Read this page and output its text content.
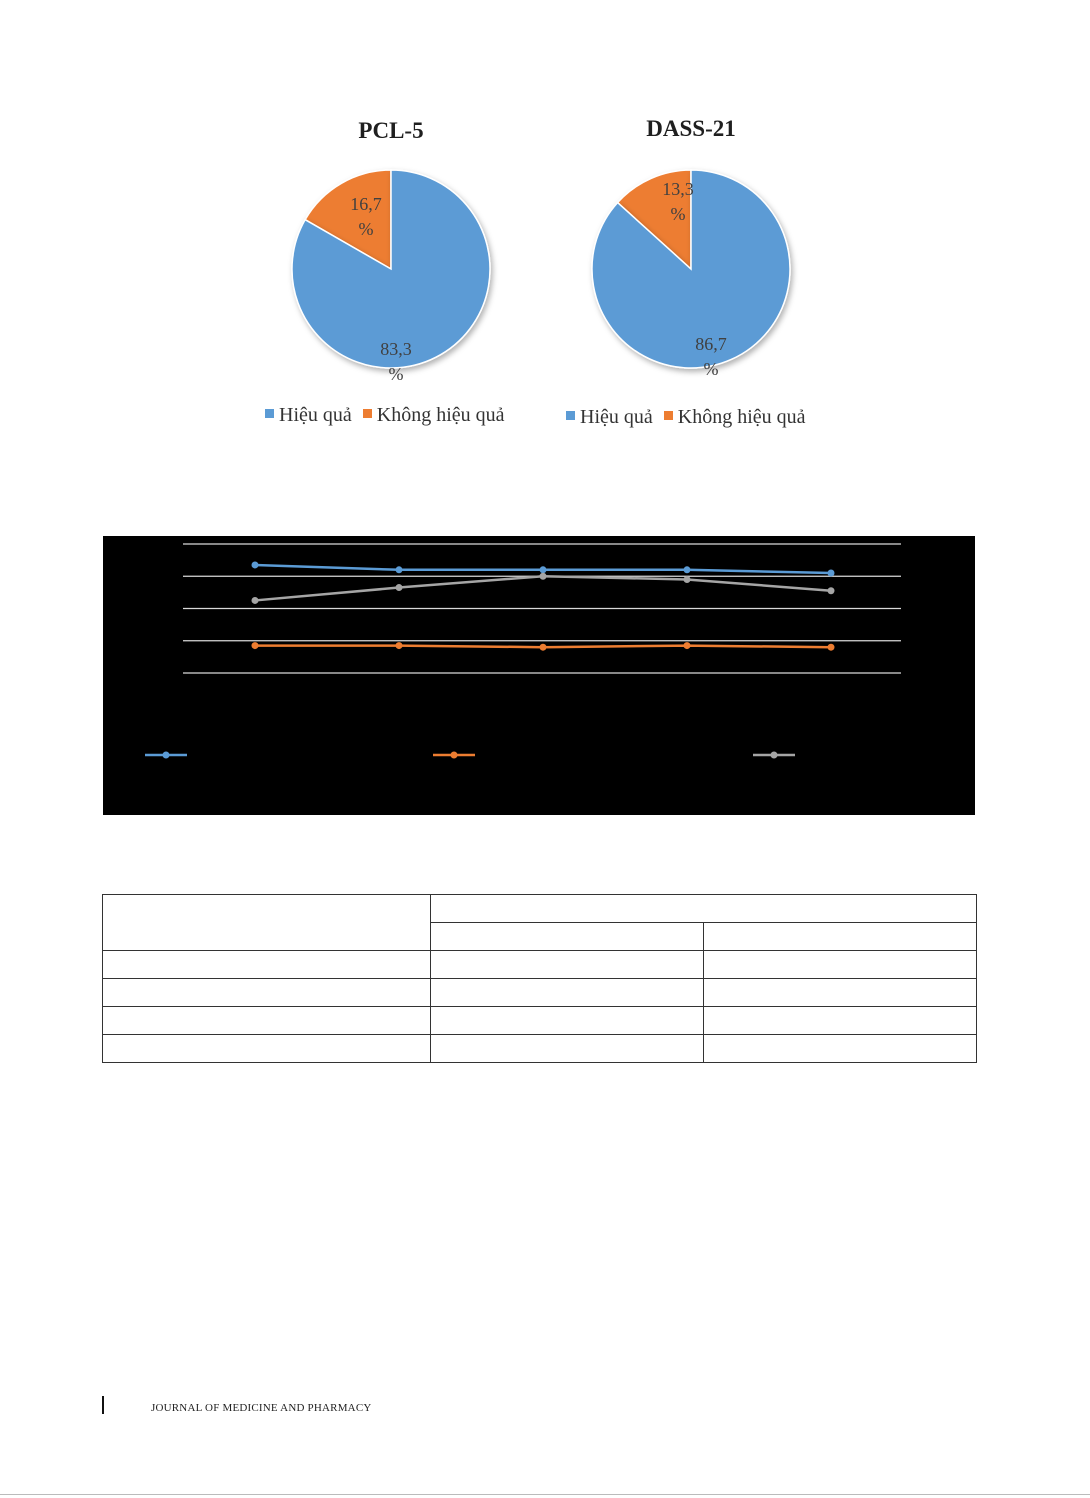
PCL-5
83,3
%
16,7
%
Hiệu quả Không hiệu quả
DASS-21
86,7
%
13,3
%
Hiệu quả Không hiệu quả

JOURNAL OF MEDICINE AND PHARMACY
